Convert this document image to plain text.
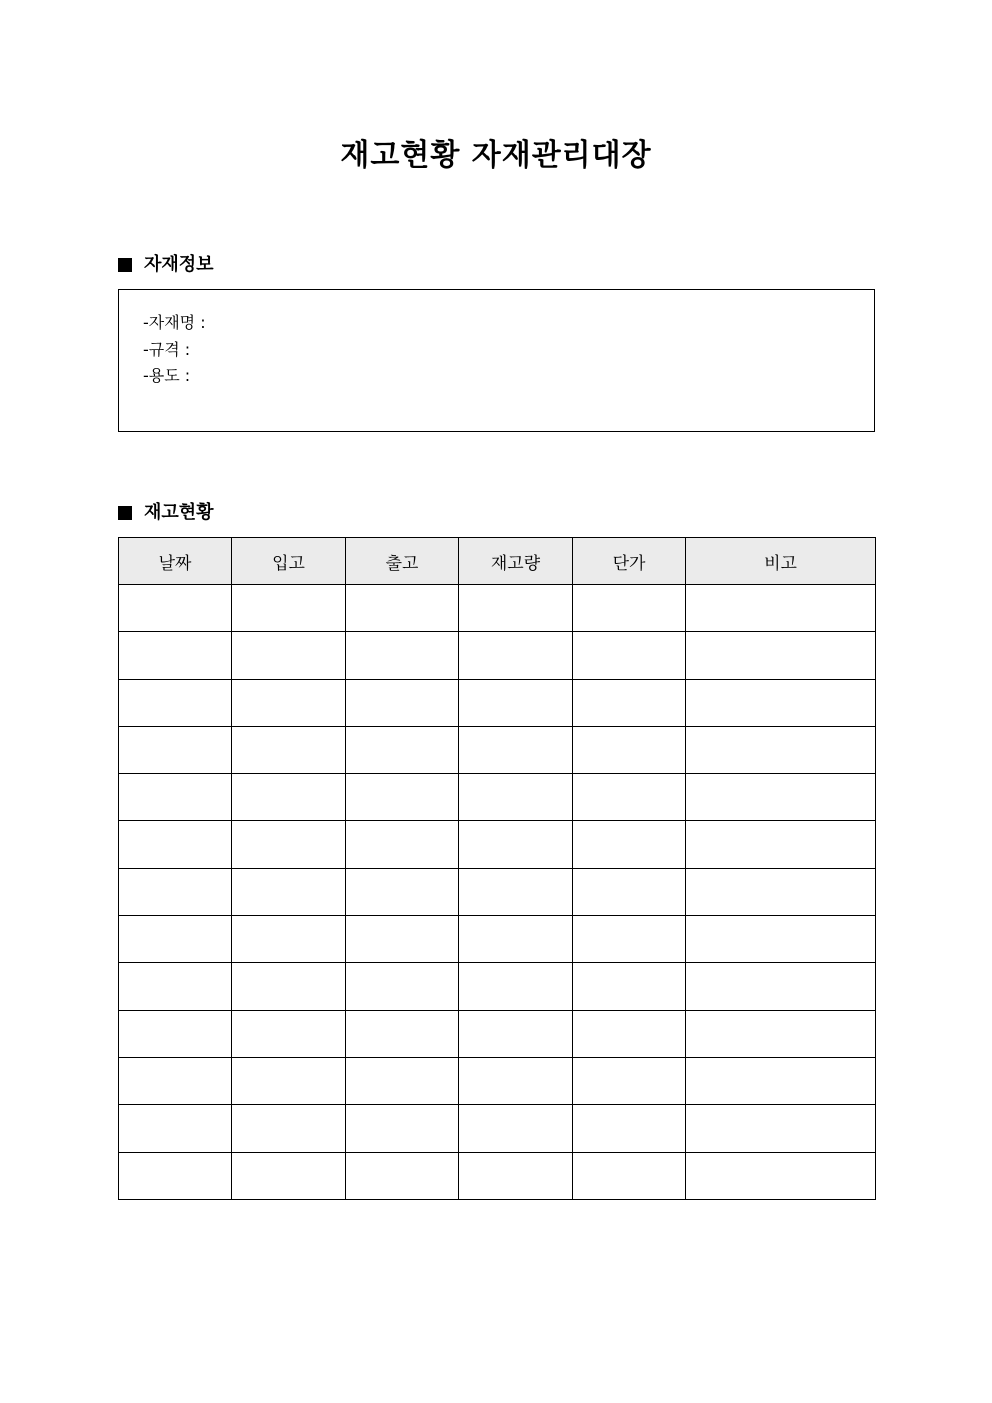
재고현황 자재관리대장
자재정보
-자재명 :
-규격 :
-용도 :
재고현황
날짜	입고	출고	재고량	단가	비고
